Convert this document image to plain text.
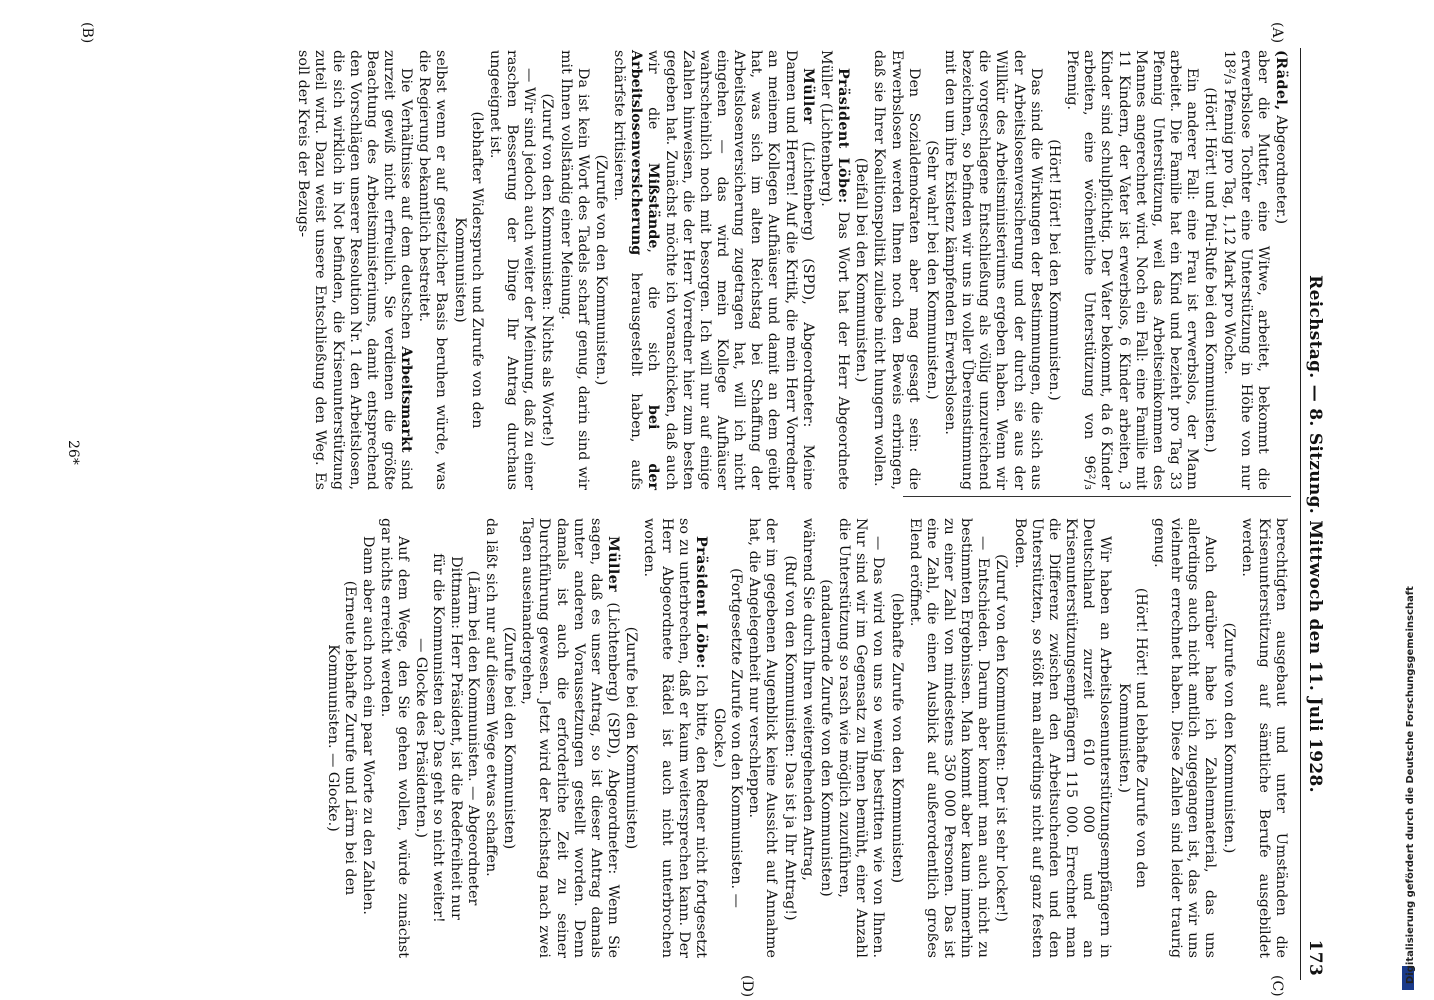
Reichstag. — 8. Sitzung. Mittwoch den 11. Juli 1928.
173
(A)
(B)
(C)
(D)

(Rädel, Abgeordneter.)

aber die Mutter, eine Witwe, arbeitet, bekommt die erwerbslose Tochter eine Unterstützung in Höhe von nur 18²/₃ Pfennig pro Tag, 1,12 Mark pro Woche.

(Hört! Hört! und Pfui-Rufe bei den Kommunisten.)

Ein anderer Fall: eine Frau ist erwerbslos, der Mann arbeitet. Die Familie hat ein Kind und bezieht pro Tag 33 Pfennig Unterstützung, weil das Arbeitseinkommen des Mannes angerechnet wird. Noch ein Fall: eine Familie mit 11 Kindern, der Vater ist erwerbslos, 6 Kinder arbeiten, 3 Kinder sind schulpflichtig. Der Vater bekommt, da 6 Kinder arbeiten, eine wöchentliche Unterstützung von 96²/₃ Pfennig.

(Hört! Hört! bei den Kommunisten.)

Das sind die Wirkungen der Bestimmungen, die sich aus der Arbeitslosenversicherung und der durch sie aus der Willkür des Arbeitsministeriums ergeben haben. Wenn wir die vorgeschlagene Entschließung als völlig unzureichend bezeichnen, so befinden wir uns in voller Übereinstimmung mit den um ihre Existenz kämpfenden Erwerbslosen.

(Sehr wahr! bei den Kommunisten.)

Den Sozialdemokraten aber mag gesagt sein: die Erwerbslosen werden Ihnen noch den Beweis erbringen, daß sie Ihrer Koalitionspolitik zuliebe nicht hungern wollen.

(Beifall bei den Kommunisten.)

Präsident Löbe: Das Wort hat der Herr Abgeordnete Müller (Lichtenberg).

Müller (Lichtenberg) (SPD), Abgeordneter: Meine Damen und Herren! Auf die Kritik, die mein Herr Vorredner an meinem Kollegen Aufhäuser und damit an dem geübt hat, was sich im alten Reichstag bei Schaffung der Arbeitslosenversicherung zugetragen hat, will ich nicht eingehen — das wird mein Kollege Aufhäuser wahrscheinlich noch mit besorgen. Ich will nur auf einige Zahlen hinweisen, die der Herr Vorredner hier zum besten gegeben hat. Zunächst möchte ich voranschicken, daß auch wir die Mißstände, die sich bei der Arbeitslosenversicherung herausgestellt haben, aufs schärfste kritisieren.

(Zurufe von den Kommunisten.)

Da ist kein Wort des Tadels scharf genug, darin sind wir mit Ihnen vollständig einer Meinung.

(Zuruf von den Kommunisten: Nichts als Worte!)

— Wir sind jedoch auch weiter der Meinung, daß zu einer raschen Besserung der Dinge Ihr Antrag durchaus ungeeignet ist.

(lebhafter Widerspruch und Zurufe von den Kommunisten)

selbst wenn er auf gesetzlicher Basis beruhen würde, was die Regierung bekanntlich bestreitet.

Die Verhältnisse auf dem deutschen Arbeitsmarkt sind zurzeit gewiß nicht erfreulich. Sie verdienen die größte Beachtung des Arbeitsministeriums, damit entsprechend den Vorschlägen unserer Resolution Nr. 1 den Arbeitslosen, die sich wirklich in Not befinden, die Krisenunterstützung zuteil wird. Dazu weist unsere Entschließung den Weg. Es soll der Kreis der Bezugs-

berechtigten ausgebaut und unter Umständen die Krisenunterstützung auf sämtliche Berufe ausgebildet werden.

(Zurufe von den Kommunisten.)

Auch darüber habe ich Zahlenmaterial, das uns allerdings auch nicht amtlich zugegangen ist, das wir uns vielmehr errechnet haben. Diese Zahlen sind leider traurig genug.

(Hört! Hört! und lebhafte Zurufe von den Kommunisten.)

Wir haben an Arbeitslosenunterstützungsempfängern in Deutschland zurzeit 610 000 und an Krisenunterstützungsempfängern 115 000. Errechnet man die Differenz zwischen den Arbeitsuchenden und den Unterstützten, so stößt man allerdings nicht auf ganz festen Boden.

(Zuruf von den Kommunisten: Der ist sehr locker!)

— Entschieden. Darum aber kommt man auch nicht zu bestimmten Ergebnissen. Man kommt aber kaum immerhin zu einer Zahl von mindestens 350 000 Personen. Das ist eine Zahl, die einen Ausblick auf außerordentlich großes Elend eröffnet.

(lebhafte Zurufe von den Kommunisten)

— Das wird von uns so wenig bestritten wie von Ihnen. Nur sind wir im Gegensatz zu Ihnen bemüht, einer Anzahl die Unterstützung so rasch wie möglich zuzuführen,

(andauernde Zurufe von den Kommunisten)

während Sie durch Ihren weitergehenden Antrag,

(Ruf von den Kommunisten: Das ist ja Ihr Antrag!)

der im gegebenen Augenblick keine Aussicht auf Annahme hat, die Angelegenheit nur verschleppen.

(Fortgesetzte Zurufe von den Kommunisten. — Glocke.)

Präsident Löbe: Ich bitte, den Redner nicht fortgesetzt so zu unterbrechen, daß er kaum weitersprechen kann. Der Herr Abgeordnete Rädel ist auch nicht unterbrochen worden.

(Zurufe bei den Kommunisten)

Müller (Lichtenberg) (SPD), Abgeordneter: Wenn Sie sagen, daß es unser Antrag, so ist dieser Antrag damals unter anderen Voraussetzungen gestellt worden. Denn damals ist auch die erforderliche Zeit zu seiner Durchführung gewesen. Jetzt wird der Reichstag nach zwei Tagen auseinandergehen,

(Zurufe bei den Kommunisten)

da läßt sich nur auf diesem Wege etwas schaffen.

(Lärm bei den Kommunisten. — Abgeordneter Dittmann: Herr Präsident, ist die Redefreiheit nur für die Kommunisten da? Das geht so nicht weiter! — Glocke des Präsidenten.)

Auf dem Wege, den Sie gehen wollen, würde zunächst gar nichts erreicht werden.

Dann aber auch noch ein paar Worte zu den Zahlen.

(Erneute lebhafte Zurufe und Lärm bei den Kommunisten. — Glocke.)

26*
Digitalisierung gefördert durch die Deutsche Forschungsgemeinschaft
